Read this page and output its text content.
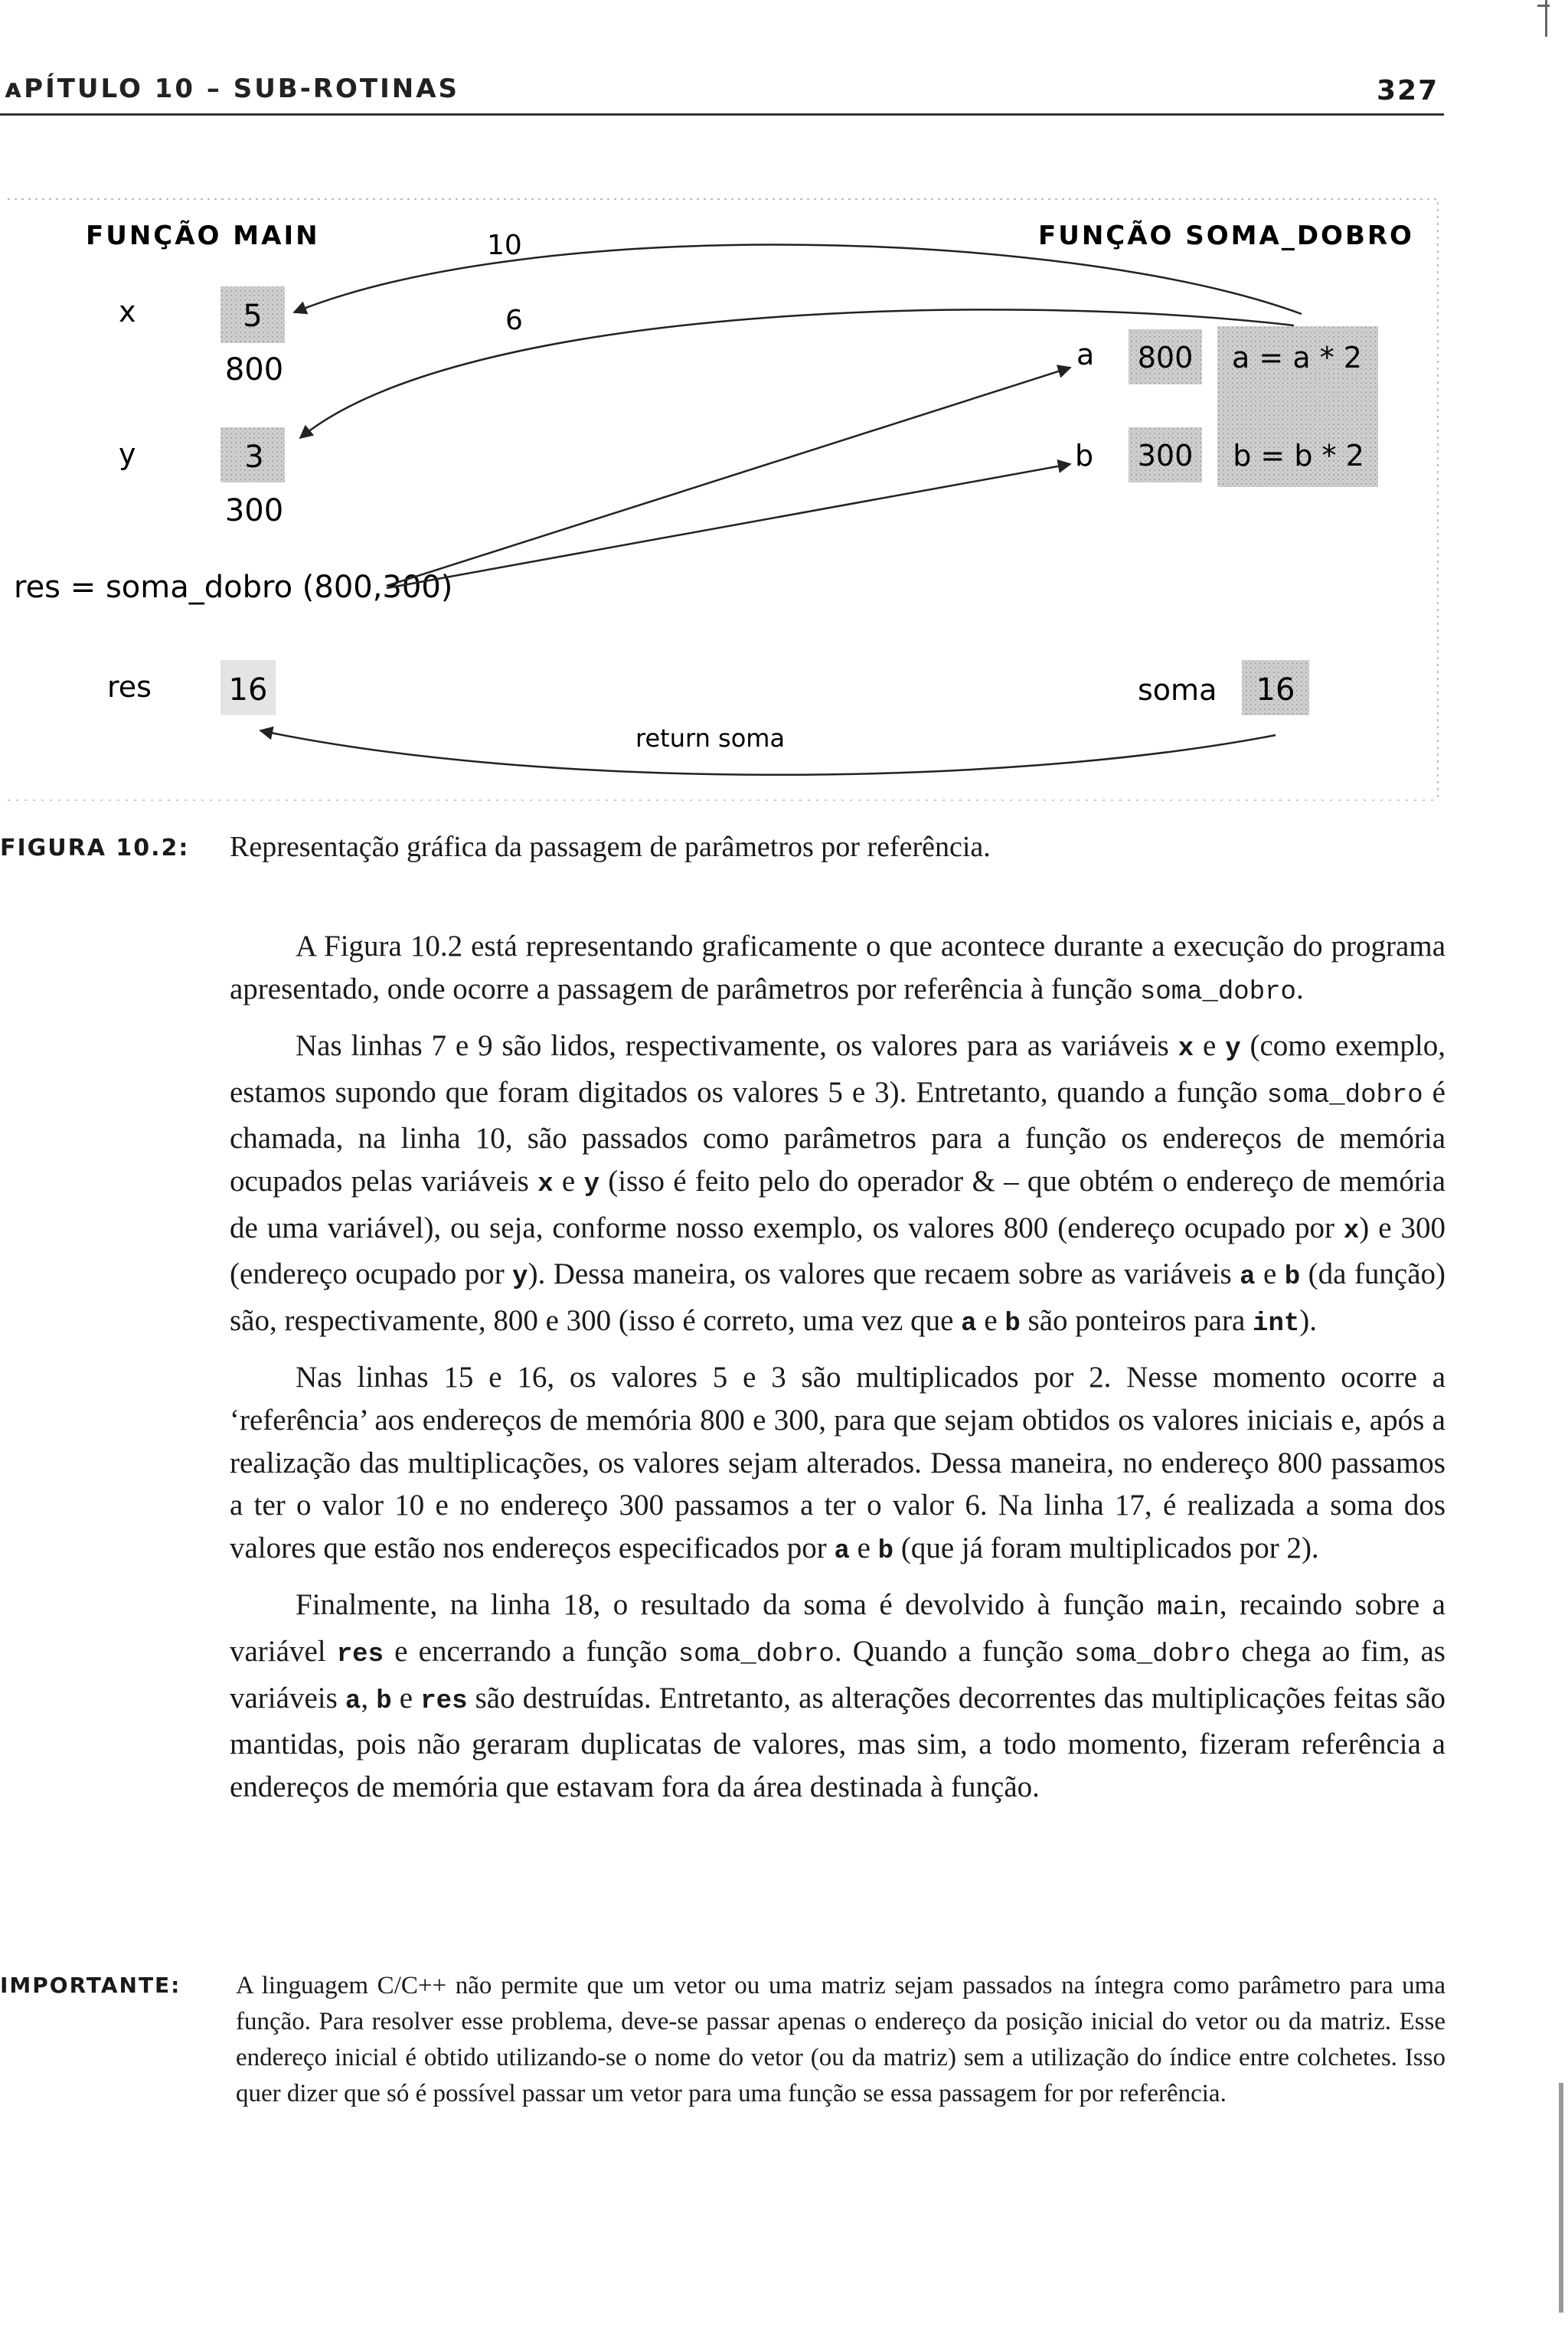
ᴀPÍTULO 10 – SUB-ROTINAS	327
FUNÇÃO MAIN	FUNÇÃO SOMA_DOBRO
x	5
800
y	3
300
res = soma_dobro (800,300)
res	16
a 800
b 300
a = a * 2
b = b * 2
soma 16
10
6
return soma
FIGURA 10.2: Representação gráfica da passagem de parâmetros por referência.

A Figura 10.2 está representando graficamente o que acontece durante a execução do programa apresentado, onde ocorre a passagem de parâmetros por referência à função soma_dobro.

Nas linhas 7 e 9 são lidos, respectivamente, os valores para as variáveis x e y (como exemplo, estamos supondo que foram digitados os valores 5 e 3). Entretanto, quando a função soma_dobro é chamada, na linha 10, são passados como parâmetros para a função os endereços de memória ocupados pelas variáveis x e y (isso é feito pelo do operador & – que obtém o endereço de memória de uma variável), ou seja, conforme nosso exemplo, os valores 800 (endereço ocupado por x) e 300 (endereço ocupado por y). Dessa maneira, os valores que recaem sobre as variáveis a e b (da função) são, respectivamente, 800 e 300 (isso é correto, uma vez que a e b são ponteiros para int).

Nas linhas 15 e 16, os valores 5 e 3 são multiplicados por 2. Nesse momento ocorre a ‘referência’ aos endereços de memória 800 e 300, para que sejam obtidos os valores iniciais e, após a realização das multiplicações, os valores sejam alterados. Dessa maneira, no endereço 800 passamos a ter o valor 10 e no endereço 300 passamos a ter o valor 6. Na linha 17, é realizada a soma dos valores que estão nos endereços especificados por a e b (que já foram multiplicados por 2).

Finalmente, na linha 18, o resultado da soma é devolvido à função main, recaindo sobre a variável res e encerrando a função soma_dobro. Quando a função soma_dobro chega ao fim, as variáveis a, b e res são destruídas. Entretanto, as alterações decorrentes das multiplicações feitas são mantidas, pois não geraram duplicatas de valores, mas sim, a todo momento, fizeram referência a endereços de memória que estavam fora da área destinada à função.

IMPORTANTE: A linguagem C/C++ não permite que um vetor ou uma matriz sejam passados na íntegra como parâmetro para uma função. Para resolver esse problema, deve-se passar apenas o endereço da posição inicial do vetor ou da matriz. Esse endereço inicial é obtido utilizando-se o nome do vetor (ou da matriz) sem a utilização do índice entre colchetes. Isso quer dizer que só é possível passar um vetor para uma função se essa passagem for por referência.
